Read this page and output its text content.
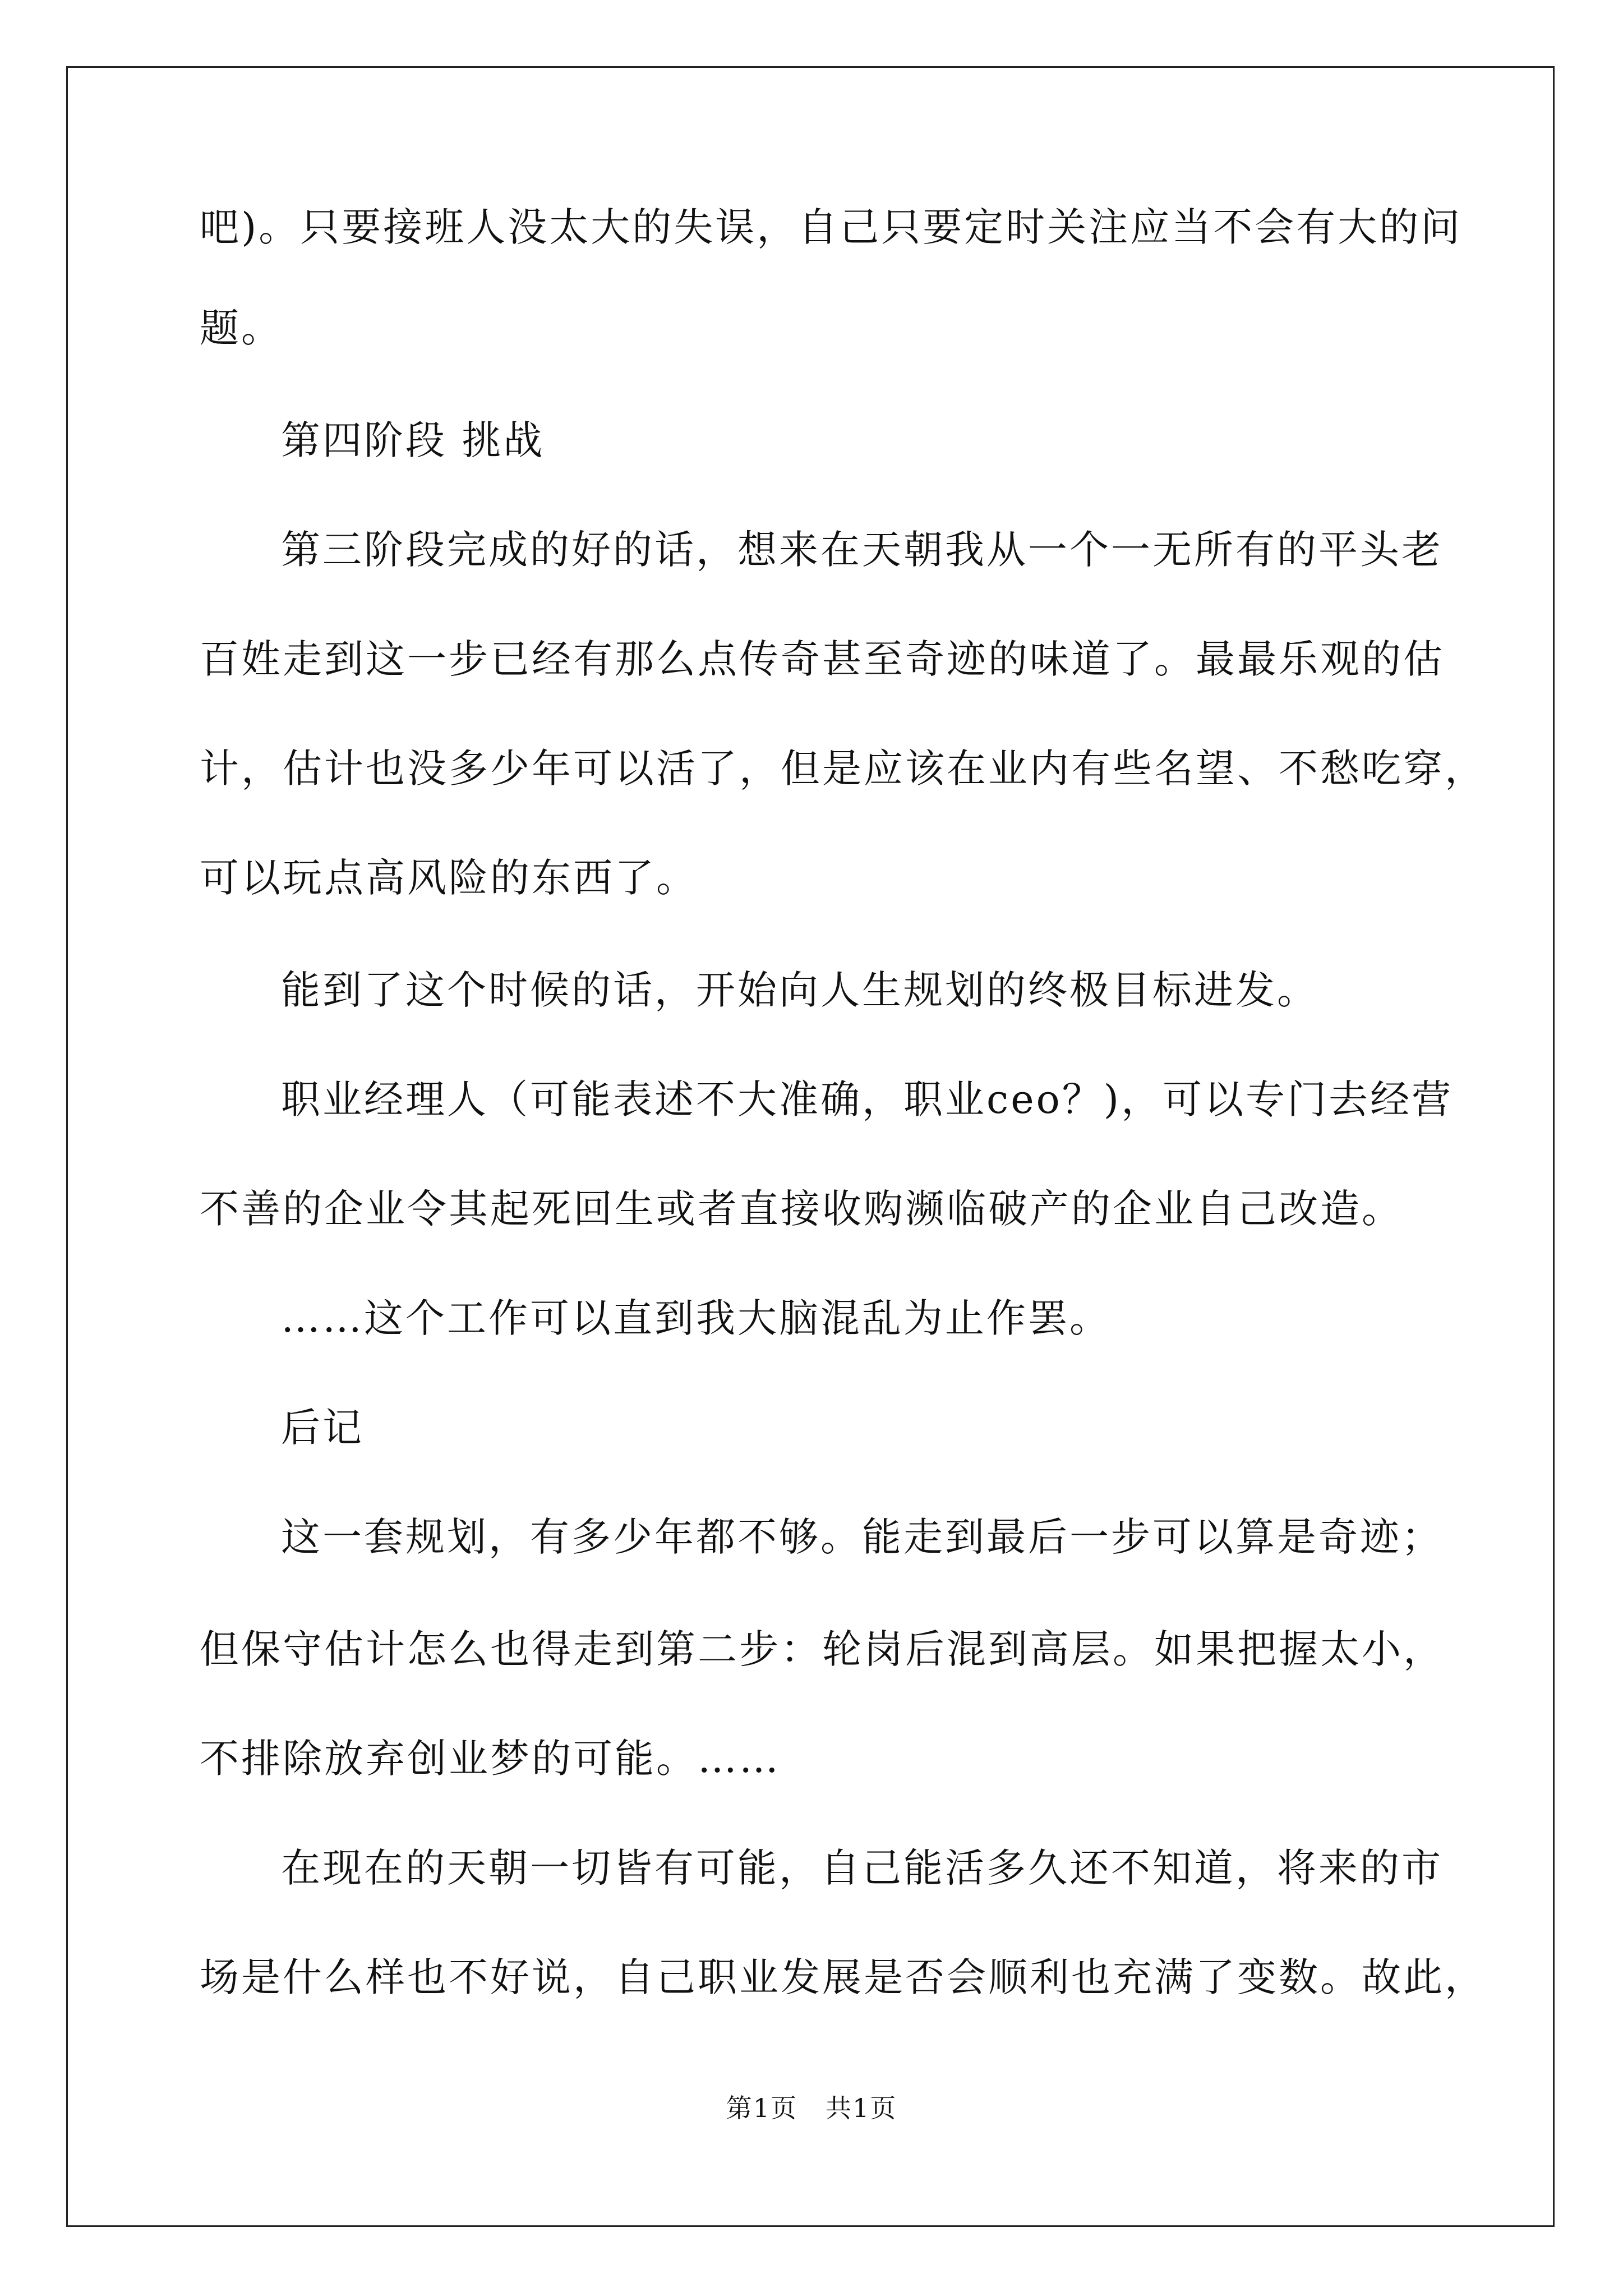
吧)。只要接班人没太大的失误，自己只要定时关注应当不会有大的问
题。
第四阶段 挑战
第三阶段完成的好的话，想来在天朝我从一个一无所有的平头老
百姓走到这一步已经有那么点传奇甚至奇迹的味道了。最最乐观的估
计，估计也没多少年可以活了，但是应该在业内有些名望、不愁吃穿，
可以玩点高风险的东西了。
能到了这个时候的话，开始向人生规划的终极目标进发。
职业经理人（可能表述不大准确，职业ceo？)，可以专门去经营
不善的企业令其起死回生或者直接收购濒临破产的企业自己改造。
……这个工作可以直到我大脑混乱为止作罢。
后记
这一套规划，有多少年都不够。能走到最后一步可以算是奇迹；
但保守估计怎么也得走到第二步：轮岗后混到高层。如果把握太小，
不排除放弃创业梦的可能。……
在现在的天朝一切皆有可能，自己能活多久还不知道，将来的市
场是什么样也不好说，自己职业发展是否会顺利也充满了变数。故此，
第1页 共1页
